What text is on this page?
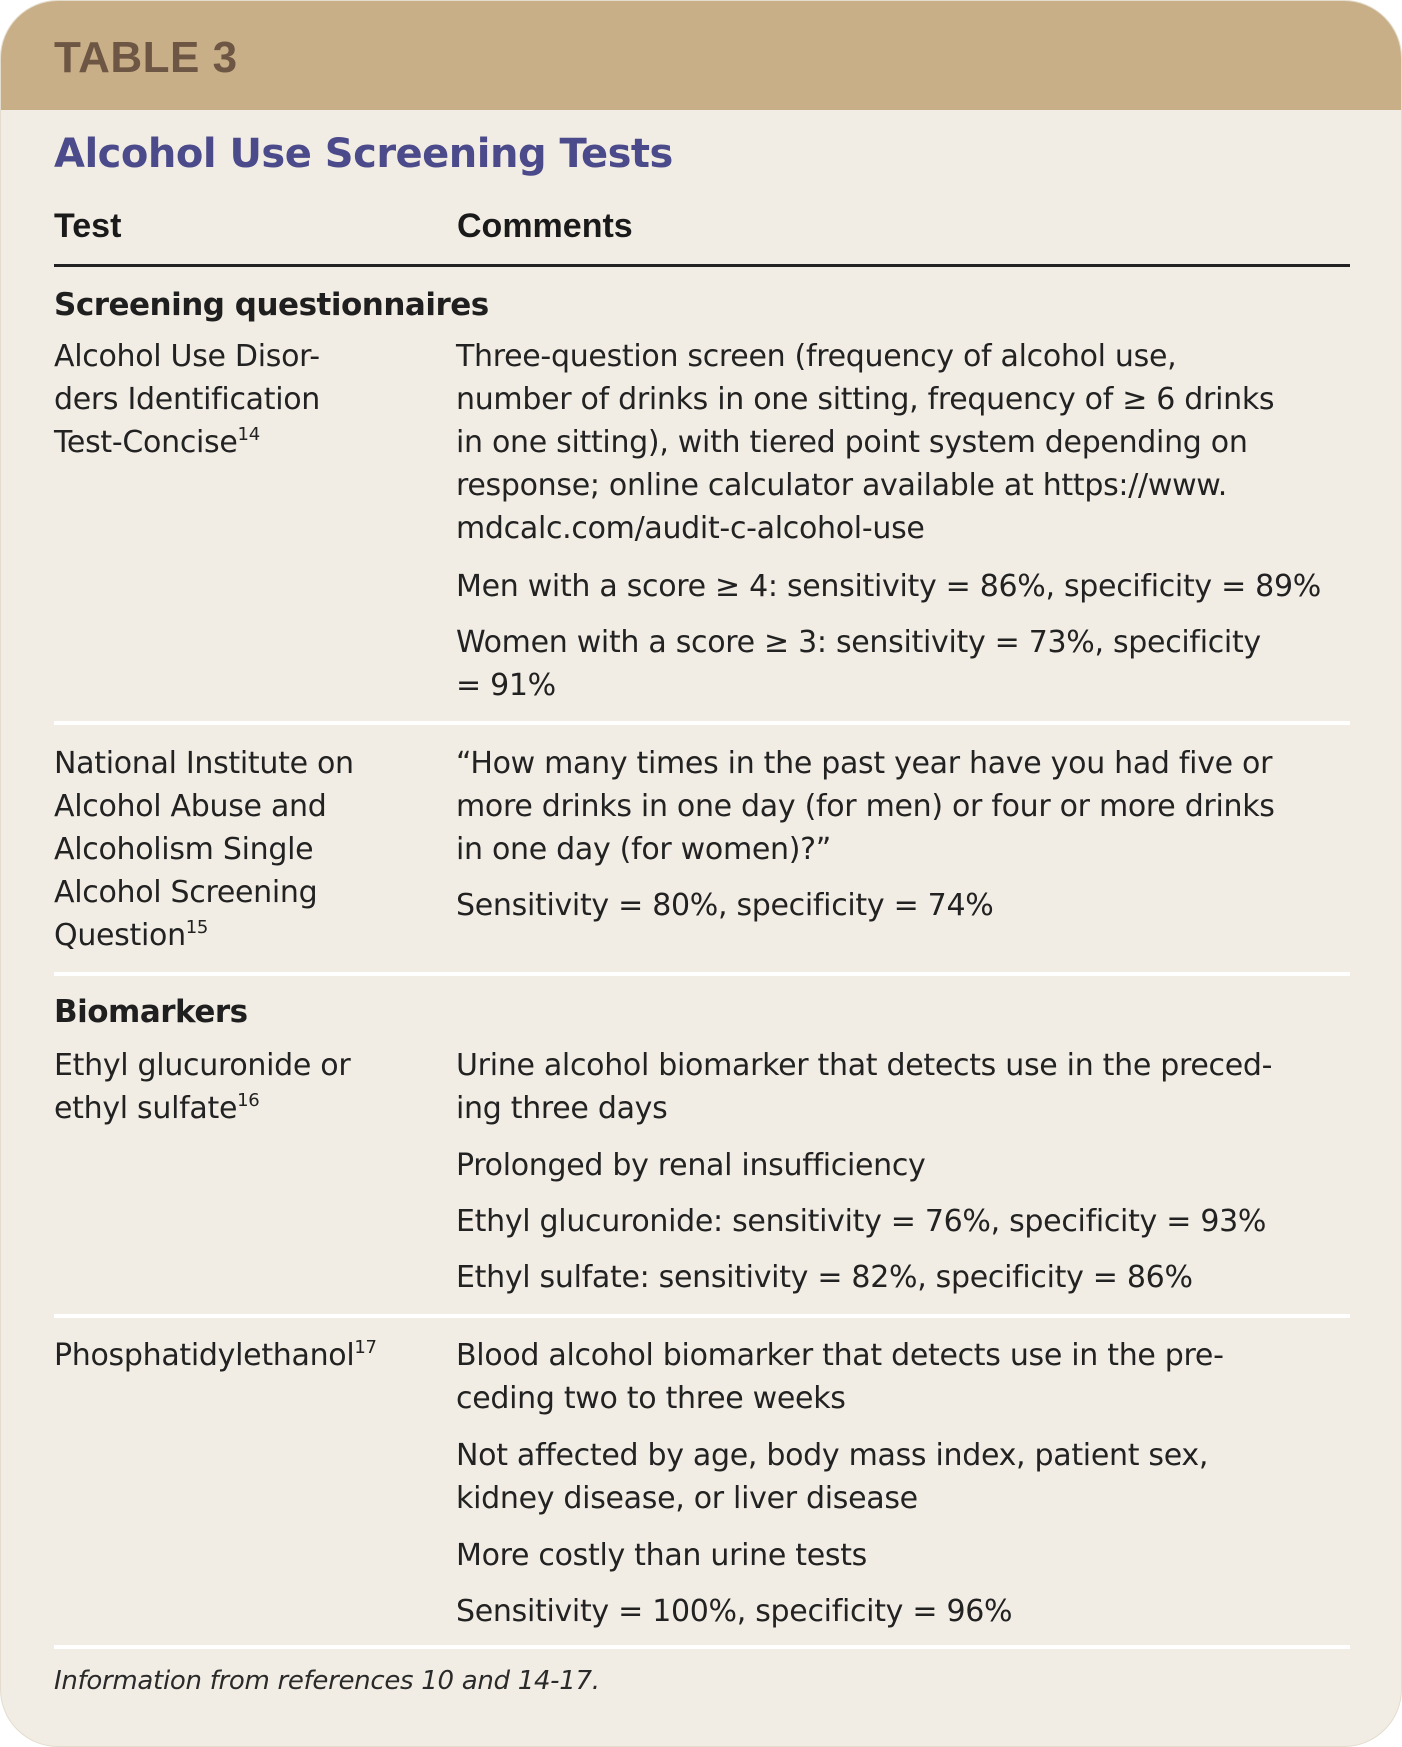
TABLE 3
Alcohol Use Screening Tests
Test	Comments
Screening questionnaires
Alcohol Use Disor-
ders Identification
Test-Concise$^{14}$
Three-question screen (frequency of alcohol use,
number of drinks in one sitting, frequency of ≥ 6 drinks
in one sitting), with tiered point system depending on
response; online calculator available at https://www.
mdcalc.com/audit-c-alcohol-use
Men with a score ≥ 4: sensitivity = 86%, specificity = 89%
Women with a score ≥ 3: sensitivity = 73%, specificity
= 91%
National Institute on
Alcohol Abuse and
Alcoholism Single
Alcohol Screening
Question$^{15}$
“How many times in the past year have you had five or
more drinks in one day (for men) or four or more drinks
in one day (for women)?”
Sensitivity = 80%, specificity = 74%
Biomarkers
Ethyl glucuronide or
ethyl sulfate$^{16}$
Urine alcohol biomarker that detects use in the preced-
ing three days
Prolonged by renal insufficiency
Ethyl glucuronide: sensitivity = 76%, specificity = 93%
Ethyl sulfate: sensitivity = 82%, specificity = 86%
Phosphatidylethanol$^{17}$	Blood alcohol biomarker that detects use in the pre-
ceding two to three weeks
Not affected by age, body mass index, patient sex,
kidney disease, or liver disease
More costly than urine tests
Sensitivity = 100%, specificity = 96%
Information from references 10 and 14-17.
